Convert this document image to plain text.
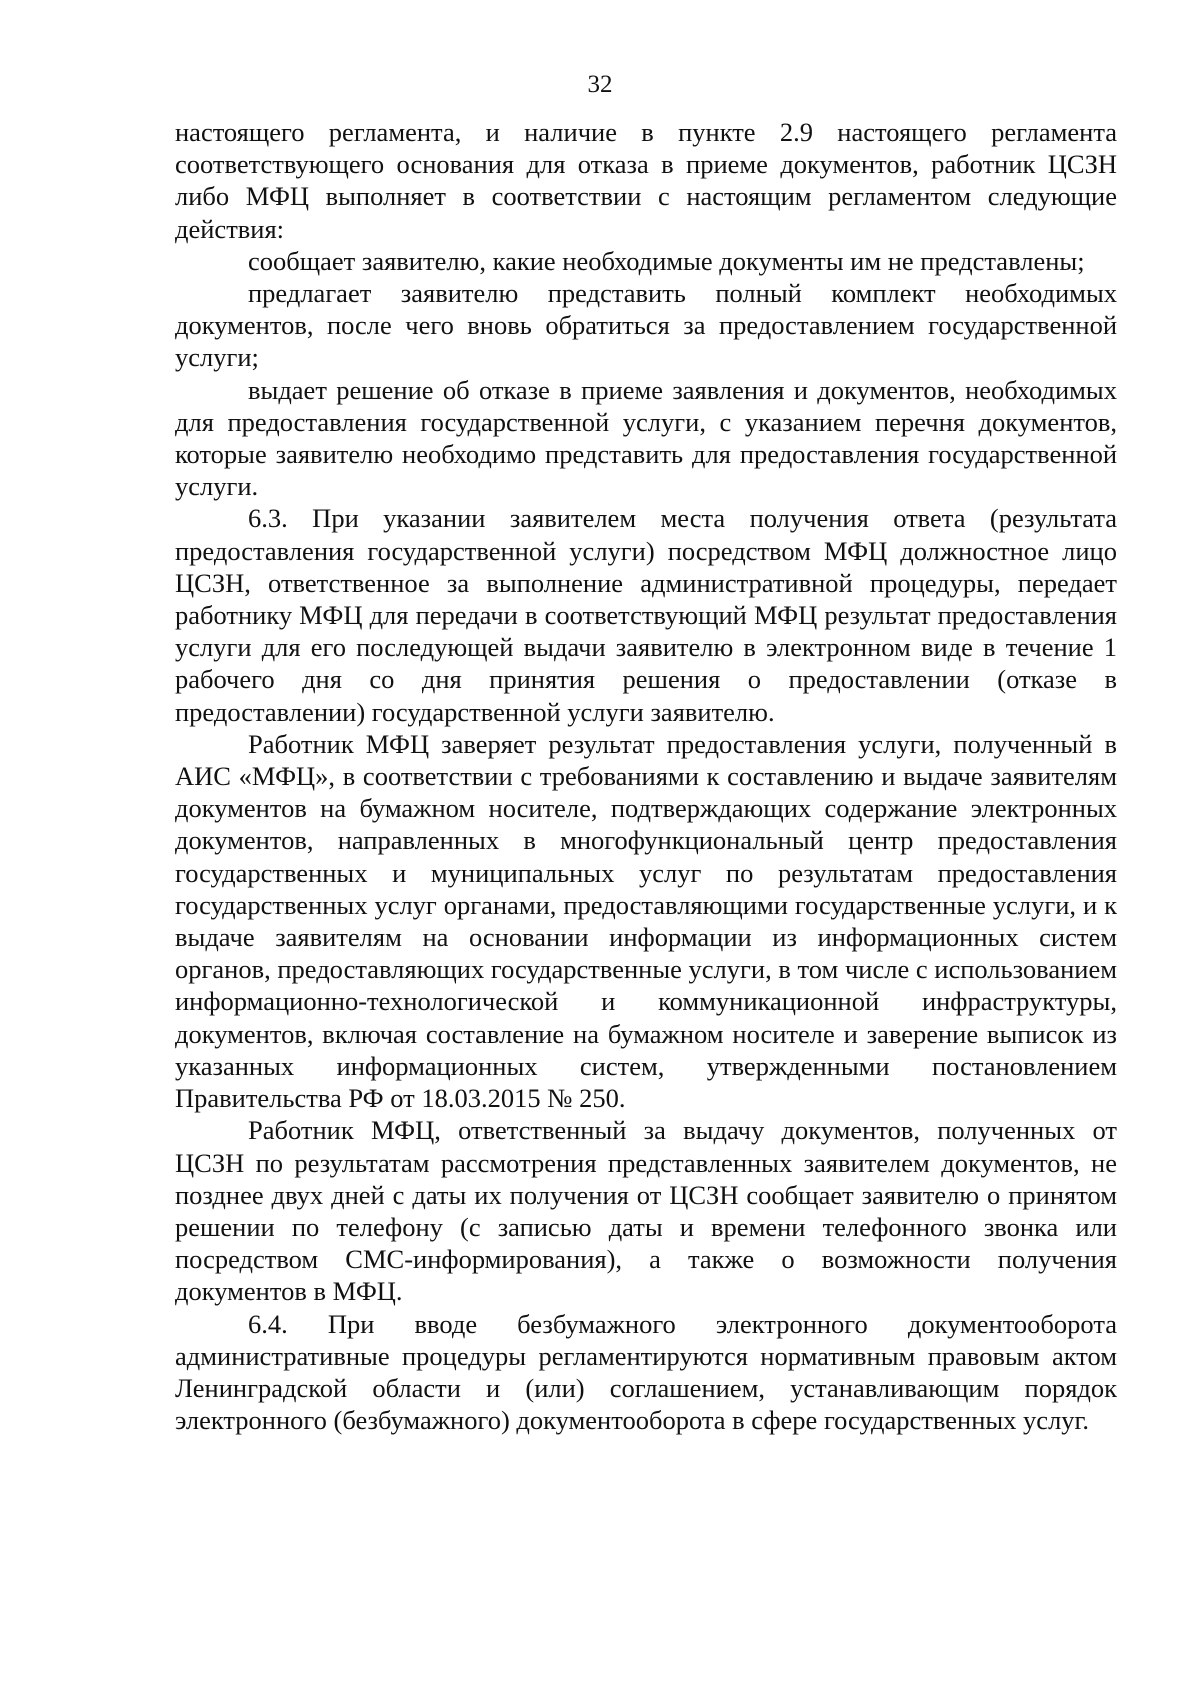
32

настоящего регламента, и наличие в пункте 2.9 настоящего регламента соответствующего основания для отказа в приеме документов, работник ЦСЗН либо МФЦ выполняет в соответствии с настоящим регламентом следующие действия:

сообщает заявителю, какие необходимые документы им не представлены;

предлагает заявителю представить полный комплект необходимых документов, после чего вновь обратиться за предоставлением государственной услуги;

выдает решение об отказе в приеме заявления и документов, необходимых для предоставления государственной услуги, с указанием перечня документов, которые заявителю необходимо представить для предоставления государственной услуги.

6.3. При указании заявителем места получения ответа (результата предоставления государственной услуги) посредством МФЦ должностное лицо ЦСЗН, ответственное за выполнение административной процедуры, передает работнику МФЦ для передачи в соответствующий МФЦ результат предоставления услуги для его последующей выдачи заявителю в электронном виде в течение 1 рабочего дня со дня принятия решения о предоставлении (отказе в предоставлении) государственной услуги заявителю.

Работник МФЦ заверяет результат предоставления услуги, полученный в АИС «МФЦ», в соответствии с требованиями к составлению и выдаче заявителям документов на бумажном носителе, подтверждающих содержание электронных документов, направленных в многофункциональный центр предоставления государственных и муниципальных услуг по результатам предоставления государственных услуг органами, предоставляющими государственные услуги, и к выдаче заявителям на основании информации из информационных систем органов, предоставляющих государственные услуги, в том числе с использованием информационно-технологической и коммуникационной инфраструктуры, документов, включая составление на бумажном носителе и заверение выписок из указанных информационных систем, утвержденными постановлением Правительства РФ от 18.03.2015 № 250.

Работник МФЦ, ответственный за выдачу документов, полученных от ЦСЗН по результатам рассмотрения представленных заявителем документов, не позднее двух дней с даты их получения от ЦСЗН сообщает заявителю о принятом решении по телефону (с записью даты и времени телефонного звонка или посредством СМС-информирования), а также о возможности получения документов в МФЦ.

6.4. При вводе безбумажного электронного документооборота административные процедуры регламентируются нормативным правовым актом Ленинградской области и (или) соглашением, устанавливающим порядок электронного (безбумажного) документооборота в сфере государственных услуг.
